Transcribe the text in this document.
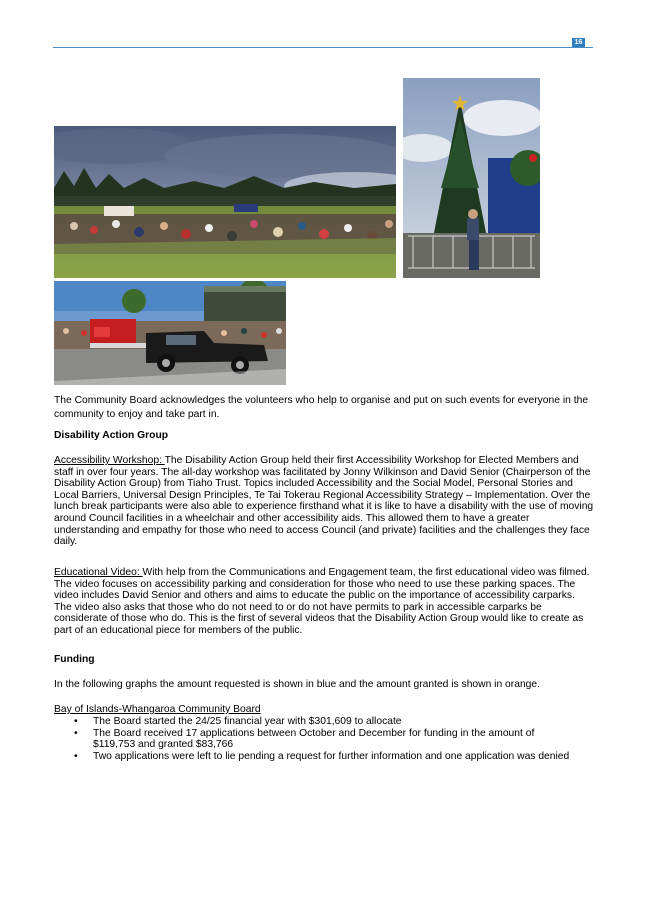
16
The Community Board acknowledges the volunteers who help to organise and put on such events for everyone in the community to enjoy and take part in.
Disability Action Group
Accessibility Workshop: The Disability Action Group held their first Accessibility Workshop for Elected Members and staff in over four years. The all-day workshop was facilitated by Jonny Wilkinson and David Senior (Chairperson of the Disability Action Group) from Tiaho Trust. Topics included Accessibility and the Social Model, Personal Stories and Local Barriers, Universal Design Principles, Te Tai Tokerau Regional Accessibility Strategy – Implementation. Over the lunch break participants were also able to experience firsthand what it is like to have a disability with the use of moving around Council facilities in a wheelchair and other accessibility aids. This allowed them to have a greater understanding and empathy for those who need to access Council (and private) facilities and the challenges they face daily.
Educational Video: With help from the Communications and Engagement team, the first educational video was filmed. The video focuses on accessibility parking and consideration for those who need to use these parking spaces. The video includes David Senior and others and aims to educate the public on the importance of accessibility carparks. The video also asks that those who do not need to or do not have permits to park in accessible carparks be considerate of those who do. This is the first of several videos that the Disability Action Group would like to create as part of an educational piece for members of the public.
Funding
In the following graphs the amount requested is shown in blue and the amount granted is shown in orange.
Bay of Islands-Whangaroa Community Board
• The Board started the 24/25 financial year with $301,609 to allocate
• The Board received 17 applications between October and December for funding in the amount of $119,753 and granted $83,766
• Two applications were left to lie pending a request for further information and one application was denied
